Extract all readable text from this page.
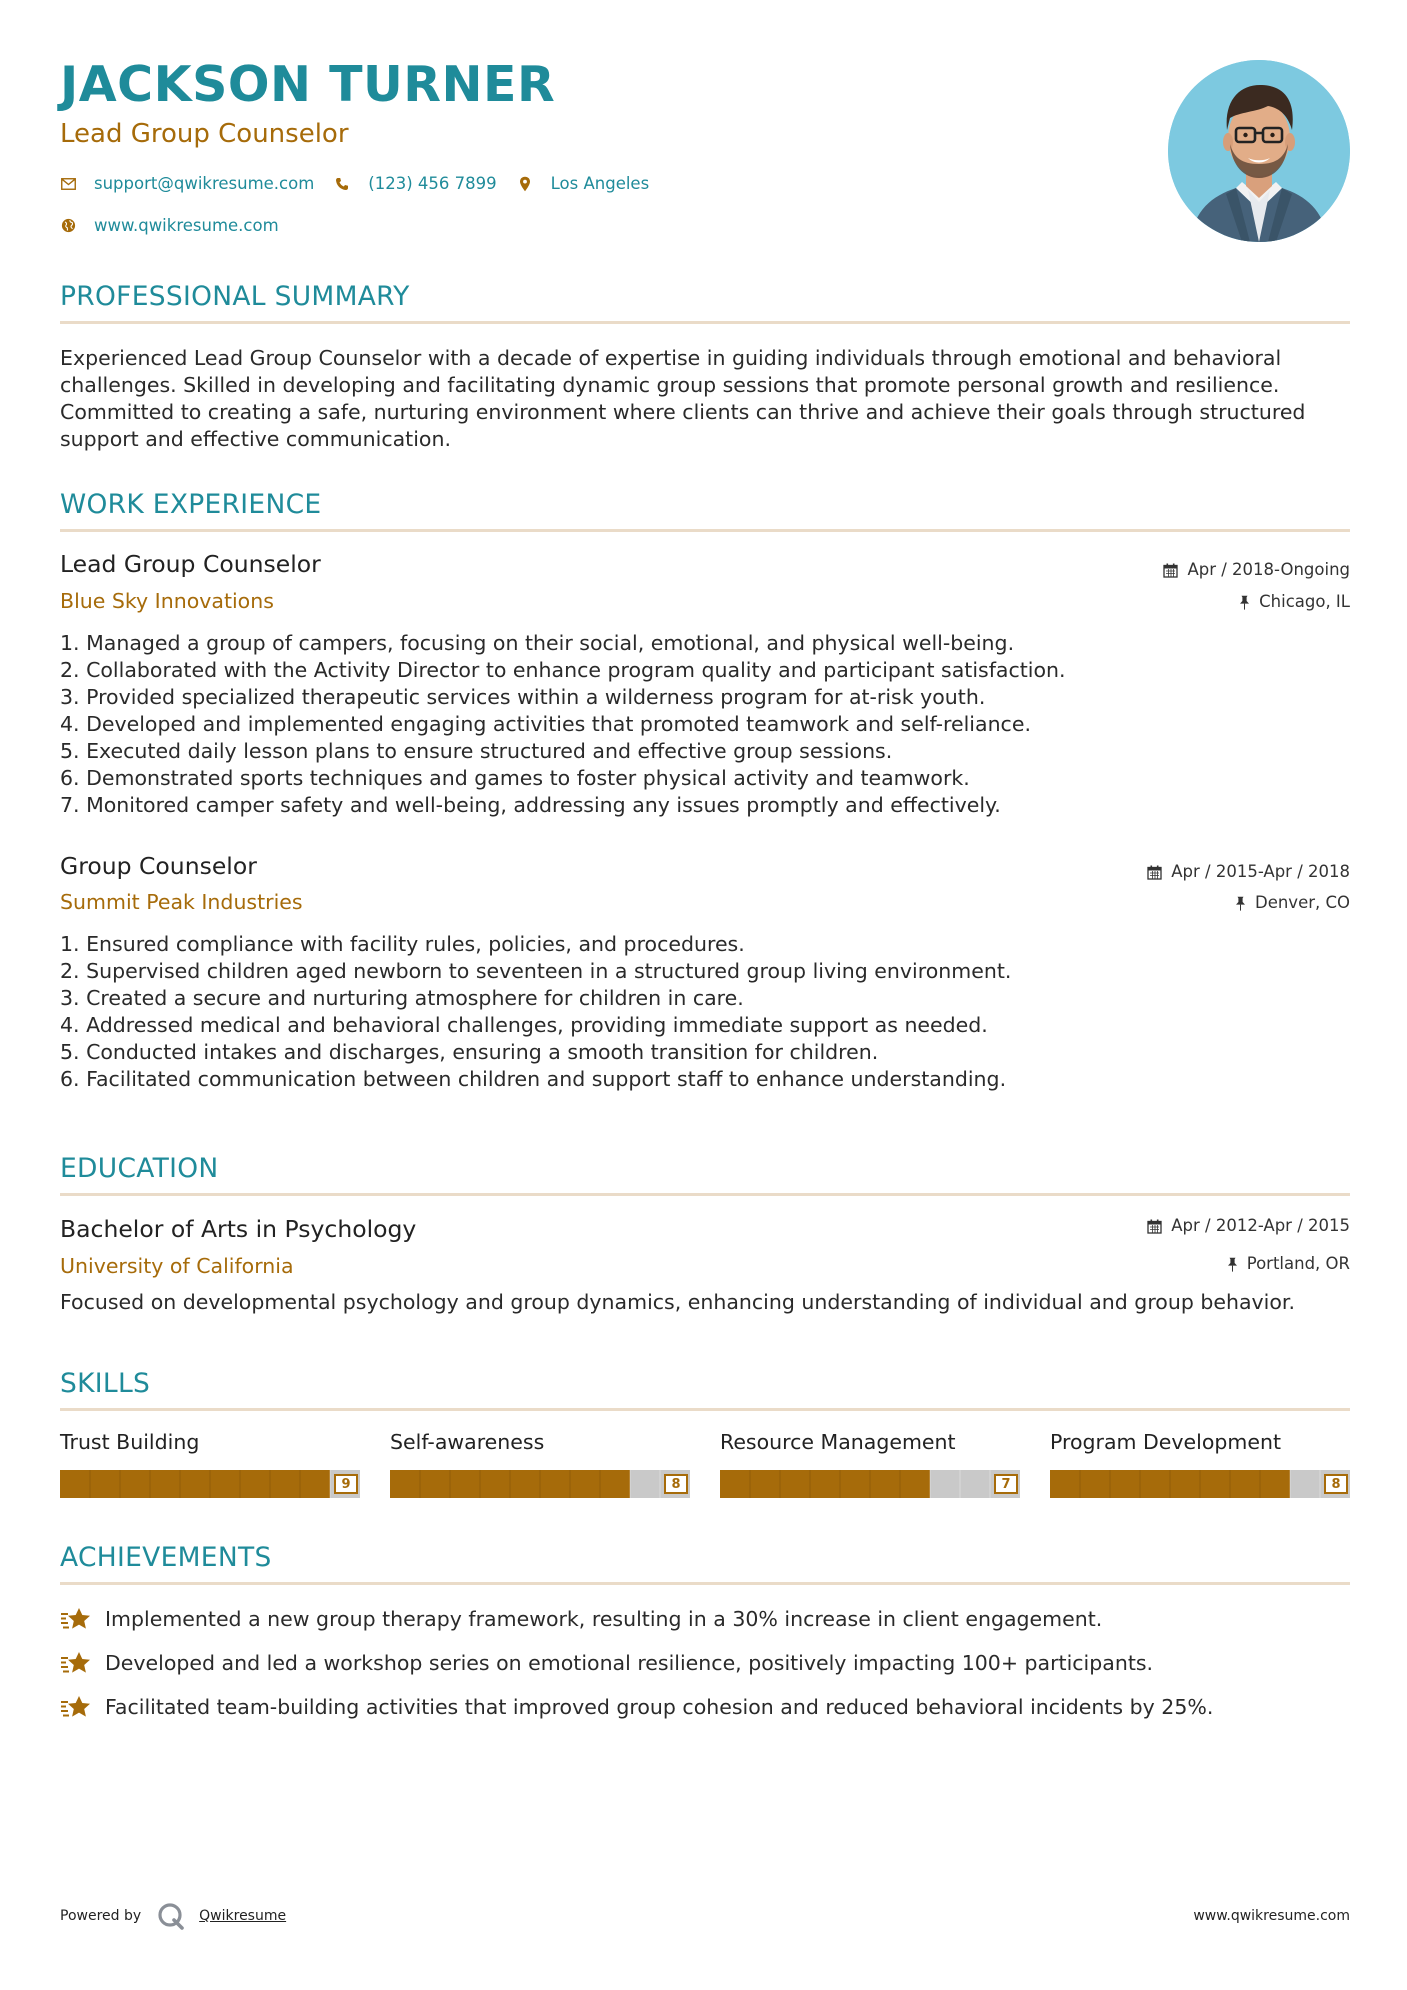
JACKSON TURNER
Lead Group Counselor
support@qwikresume.com	(123) 456 7899	Los Angeles
www.qwikresume.com
PROFESSIONAL SUMMARY

Experienced Lead Group Counselor with a decade of expertise in guiding individuals through emotional and behavioral challenges. Skilled in developing and facilitating dynamic group sessions that promote personal growth and resilience. Committed to creating a safe, nurturing environment where clients can thrive and achieve their goals through structured support and effective communication.

WORK EXPERIENCE
Lead Group Counselor
Blue Sky Innovations
Apr / 2018-Ongoing
Chicago, IL
1. Managed a group of campers, focusing on their social, emotional, and physical well-being.
2. Collaborated with the Activity Director to enhance program quality and participant satisfaction.
3. Provided specialized therapeutic services within a wilderness program for at-risk youth.
4. Developed and implemented engaging activities that promoted teamwork and self-reliance.
5. Executed daily lesson plans to ensure structured and effective group sessions.
6. Demonstrated sports techniques and games to foster physical activity and teamwork.
7. Monitored camper safety and well-being, addressing any issues promptly and effectively.
Group Counselor
Summit Peak Industries
Apr / 2015-Apr / 2018
Denver, CO
1. Ensured compliance with facility rules, policies, and procedures.
2. Supervised children aged newborn to seventeen in a structured group living environment.
3. Created a secure and nurturing atmosphere for children in care.
4. Addressed medical and behavioral challenges, providing immediate support as needed.
5. Conducted intakes and discharges, ensuring a smooth transition for children.
6. Facilitated communication between children and support staff to enhance understanding.
EDUCATION
Bachelor of Arts in Psychology
University of California
Apr / 2012-Apr / 2015
Portland, OR

Focused on developmental psychology and group dynamics, enhancing understanding of individual and group behavior.

SKILLS
Trust Building
9
Self-awareness
8
Resource Management
7
Program Development
8
ACHIEVEMENTS
Implemented a new group therapy framework, resulting in a 30% increase in client engagement.
Developed and led a workshop series on emotional resilience, positively impacting 100+ participants.
Facilitated team-building activities that improved group cohesion and reduced behavioral incidents by 25%.
Powered by	Qwikresume	www.qwikresume.com
